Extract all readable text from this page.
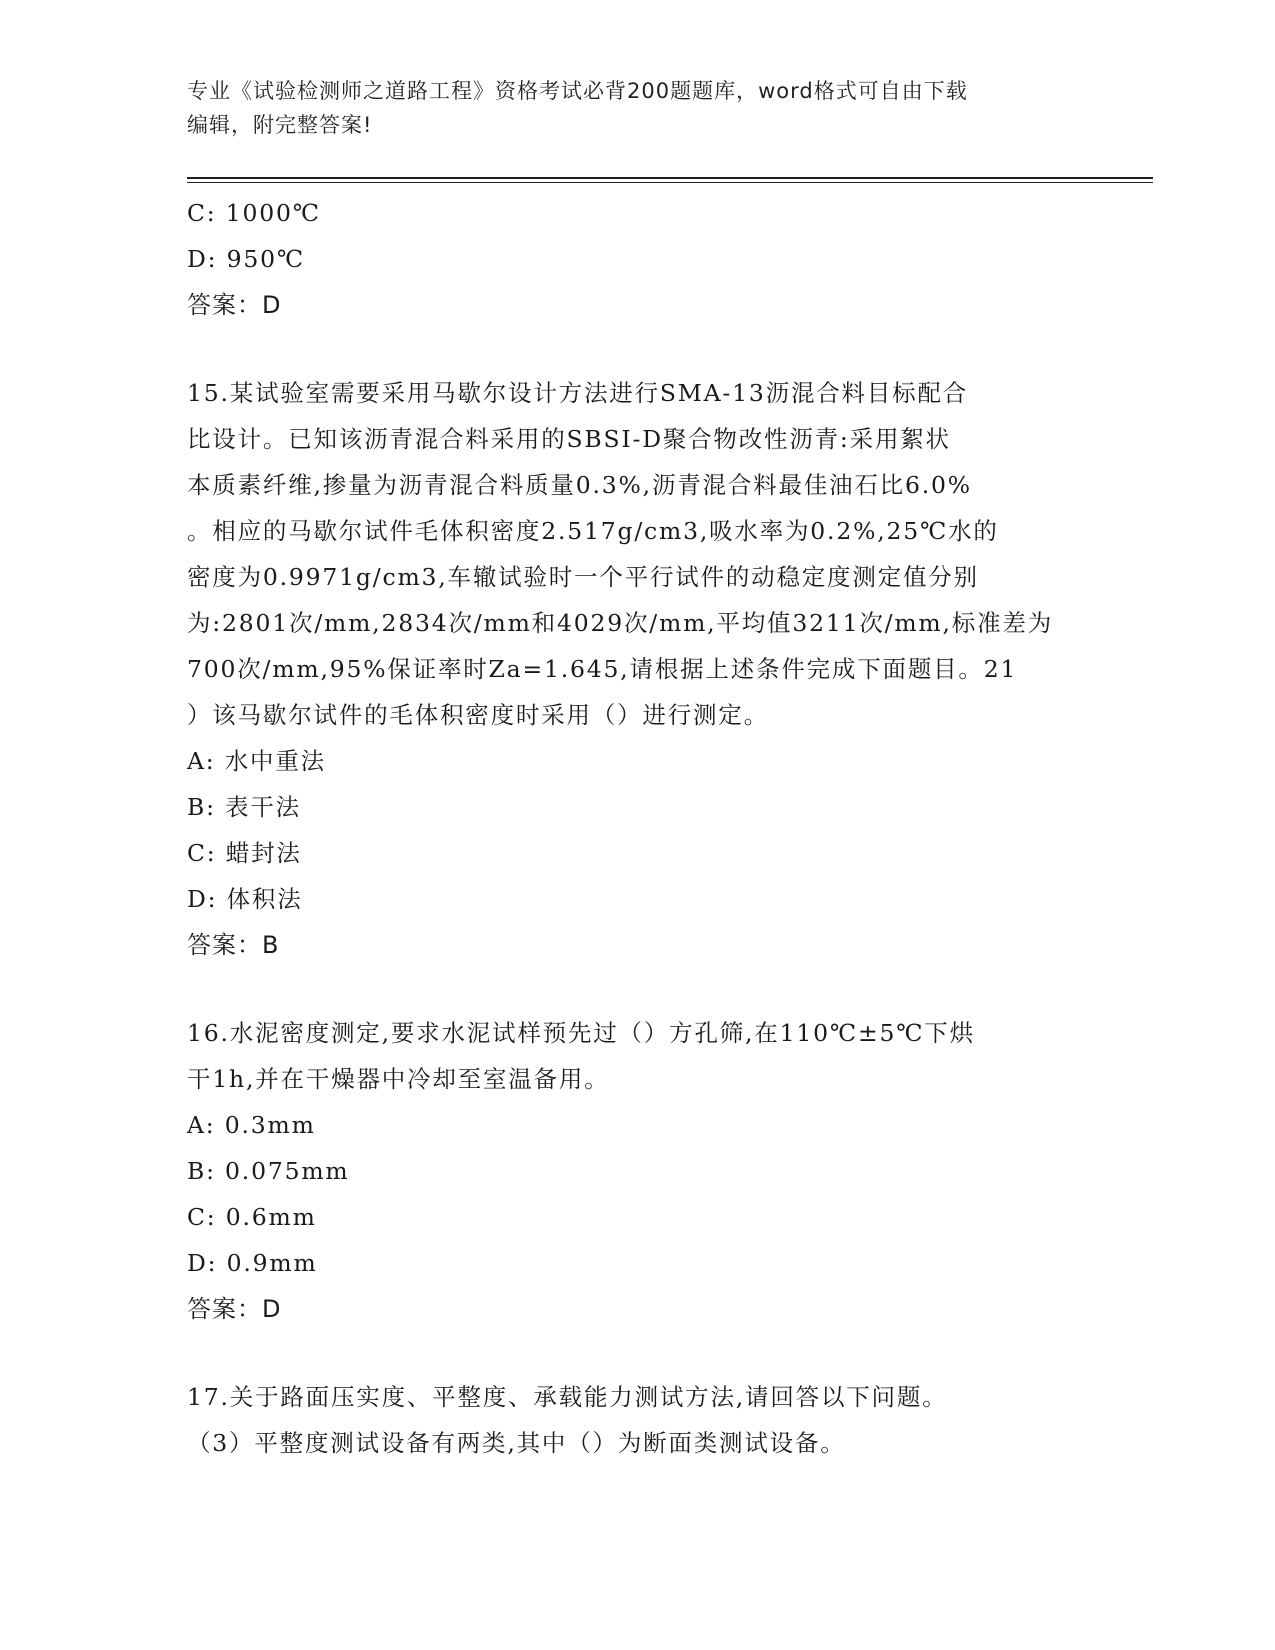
专业《试验检测师之道路工程》资格考试必背200题题库，word格式可自由下载
编辑，附完整答案!
C: 1000℃
D: 950℃
答案：D
15.某试验室需要采用马歇尔设计方法进行SMA-13沥混合料目标配合
比设计。已知该沥青混合料采用的SBSI-D聚合物改性沥青:采用絮状
本质素纤维,掺量为沥青混合料质量0.3%,沥青混合料最佳油石比6.0%
。相应的马歇尔试件毛体积密度2.517g/cm3,吸水率为0.2%,25℃水的
密度为0.9971g/cm3,车辙试验时一个平行试件的动稳定度测定值分别
为:2801次/mm,2834次/mm和4029次/mm,平均值3211次/mm,标准差为
700次/mm,95%保证率时Za=1.645,请根据上述条件完成下面题目。21
）该马歇尔试件的毛体积密度时采用（）进行测定。
A: 水中重法
B: 表干法
C: 蜡封法
D: 体积法
答案：B
16.水泥密度测定,要求水泥试样预先过（）方孔筛,在110℃±5℃下烘
干1h,并在干燥器中冷却至室温备用。
A: 0.3mm
B: 0.075mm
C: 0.6mm
D: 0.9mm
答案：D
17.关于路面压实度、平整度、承载能力测试方法,请回答以下问题。
（3）平整度测试设备有两类,其中（）为断面类测试设备。
